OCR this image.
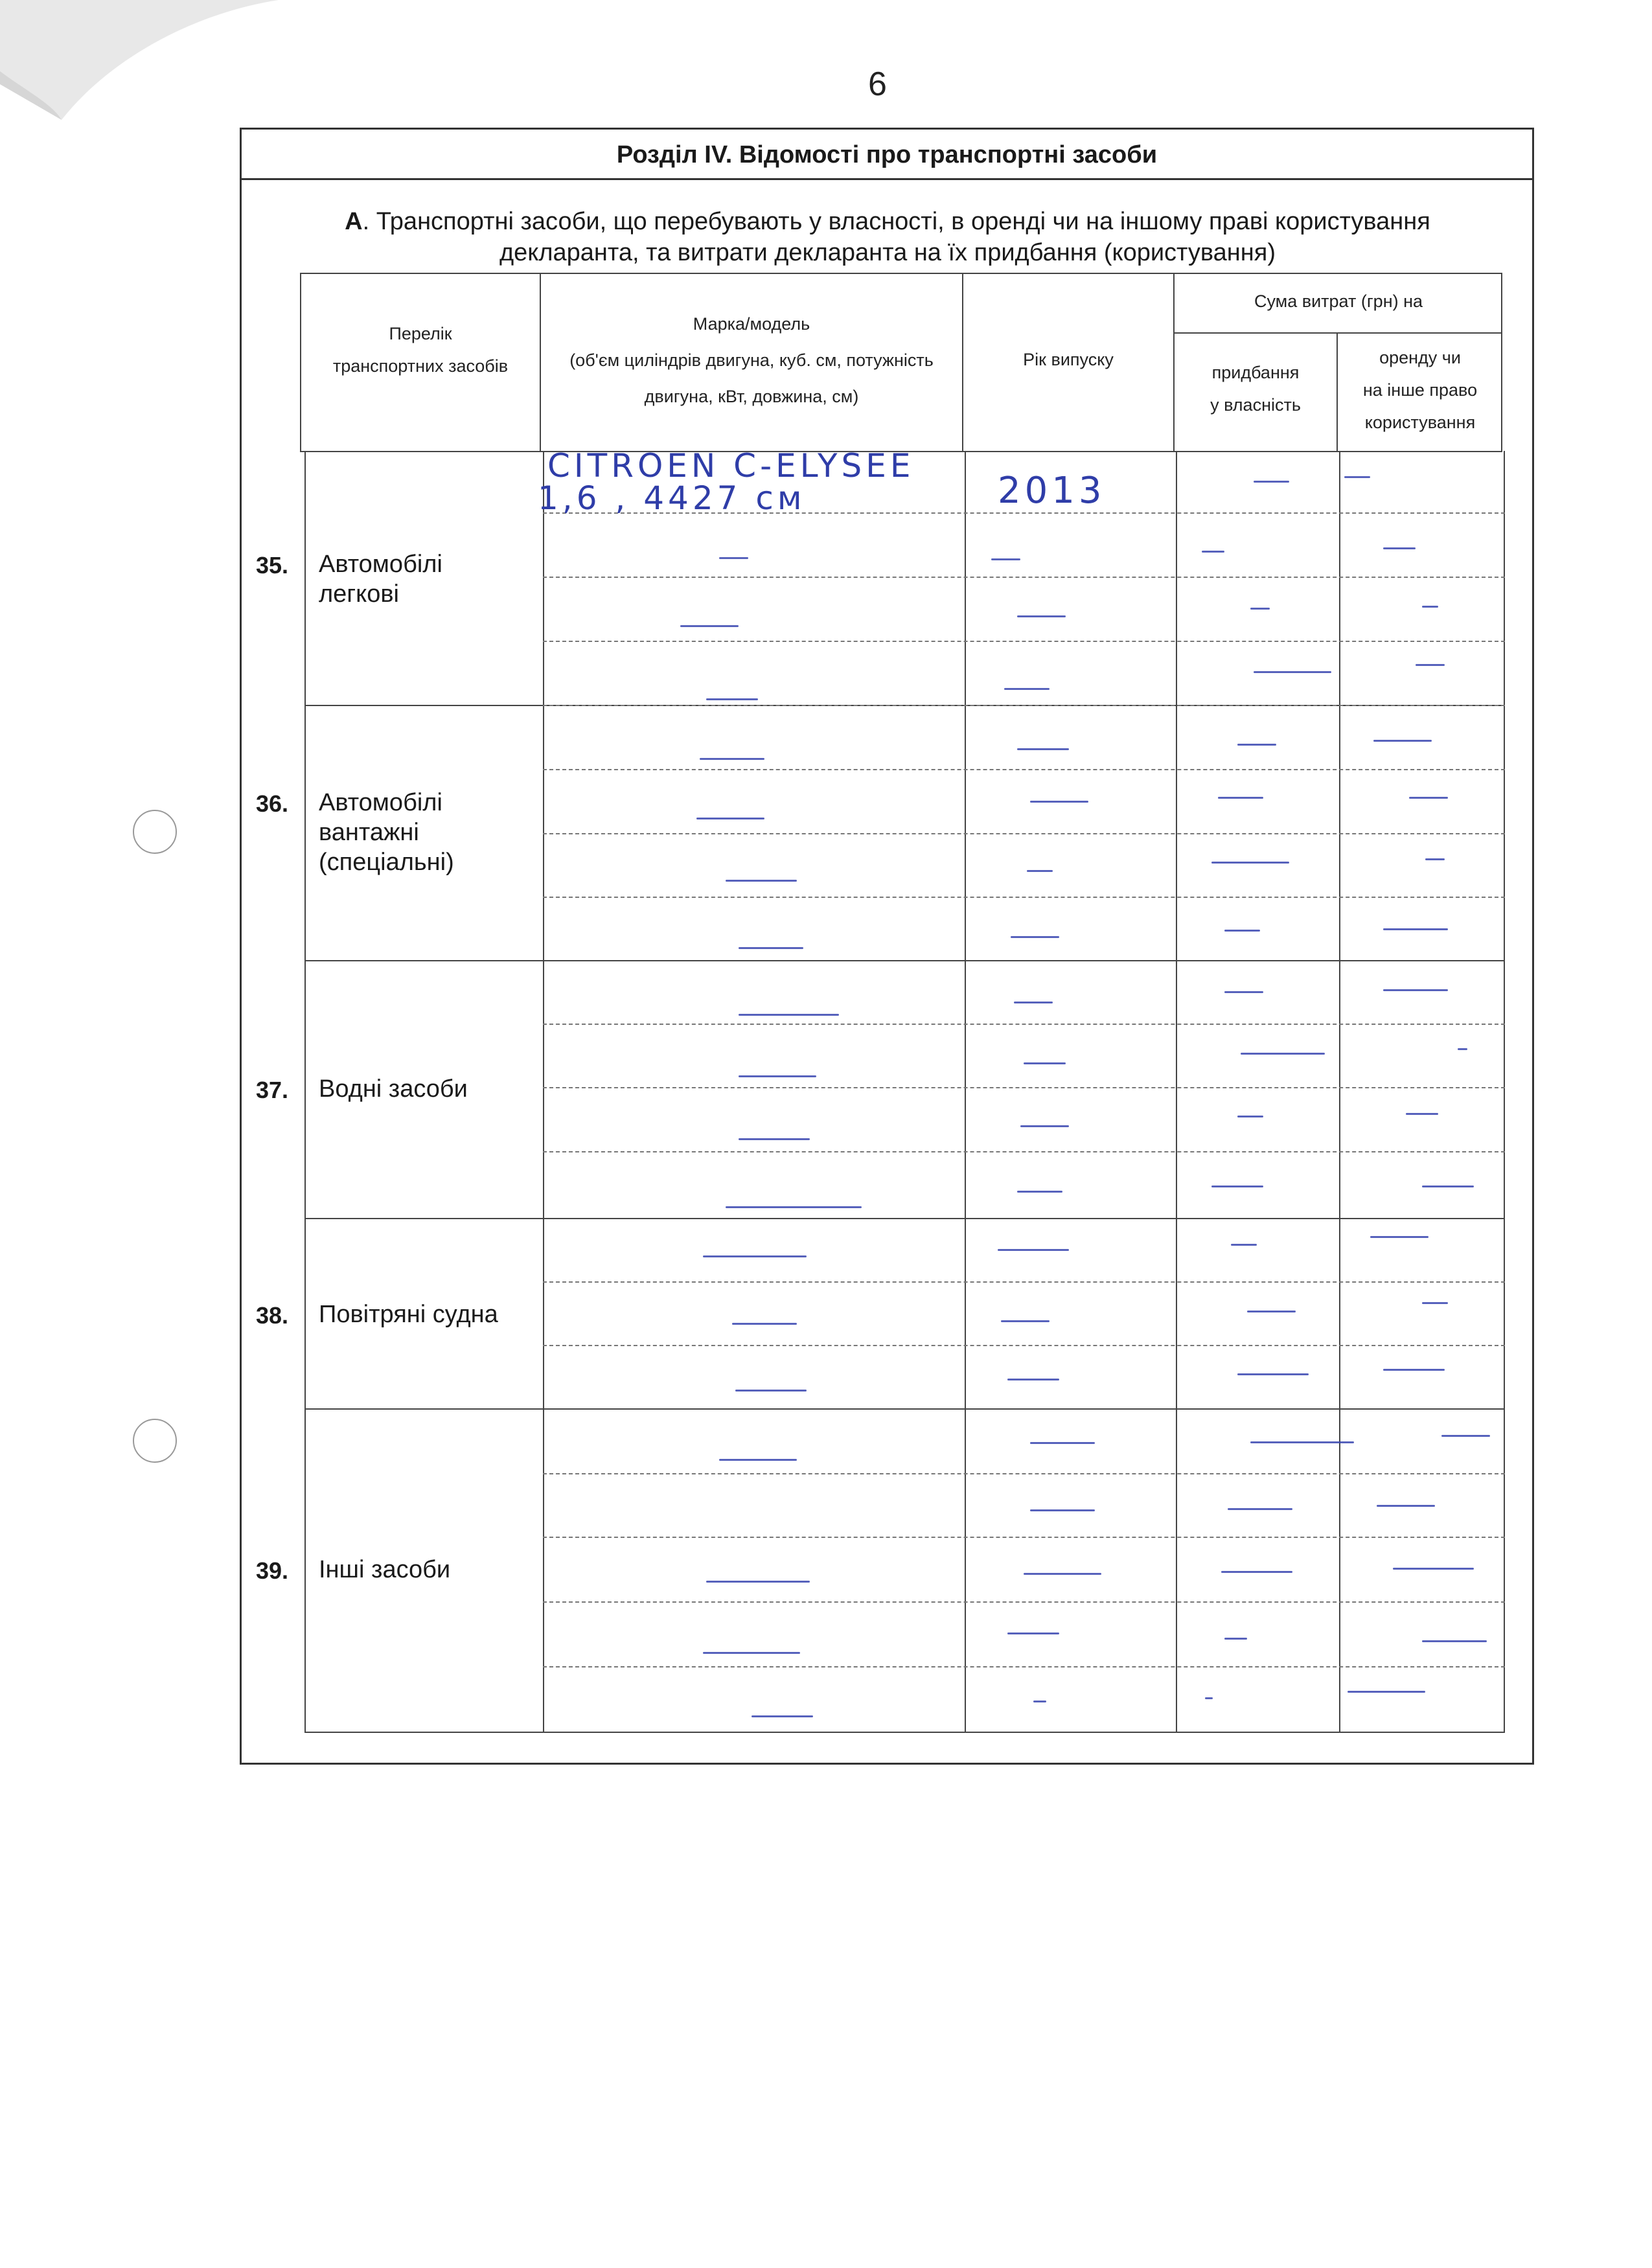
6
Розділ IV. Відомості про транспортні засоби
А. Транспортні засоби, що перебувають у власності, в оренді чи на іншому праві користування декларанта, та витрати декларанта на їх придбання (користування)
Перелік
транспортних засобів
Марка/модель
(об'єм циліндрів двигуна, куб. см, потужність
двигуна, кВт, довжина, см)
Рік випуску
Сума витрат (грн) на
придбання
у власність
оренду чи
на інше право
користування
35. Автомобілі
легкові
36. Автомобілі
вантажні
(спеціальні)
37. Водні засоби
38. Повітряні судна
39. Інші засоби
CITROEN C-ELYSEE
1,6 , 4427 см	2013
